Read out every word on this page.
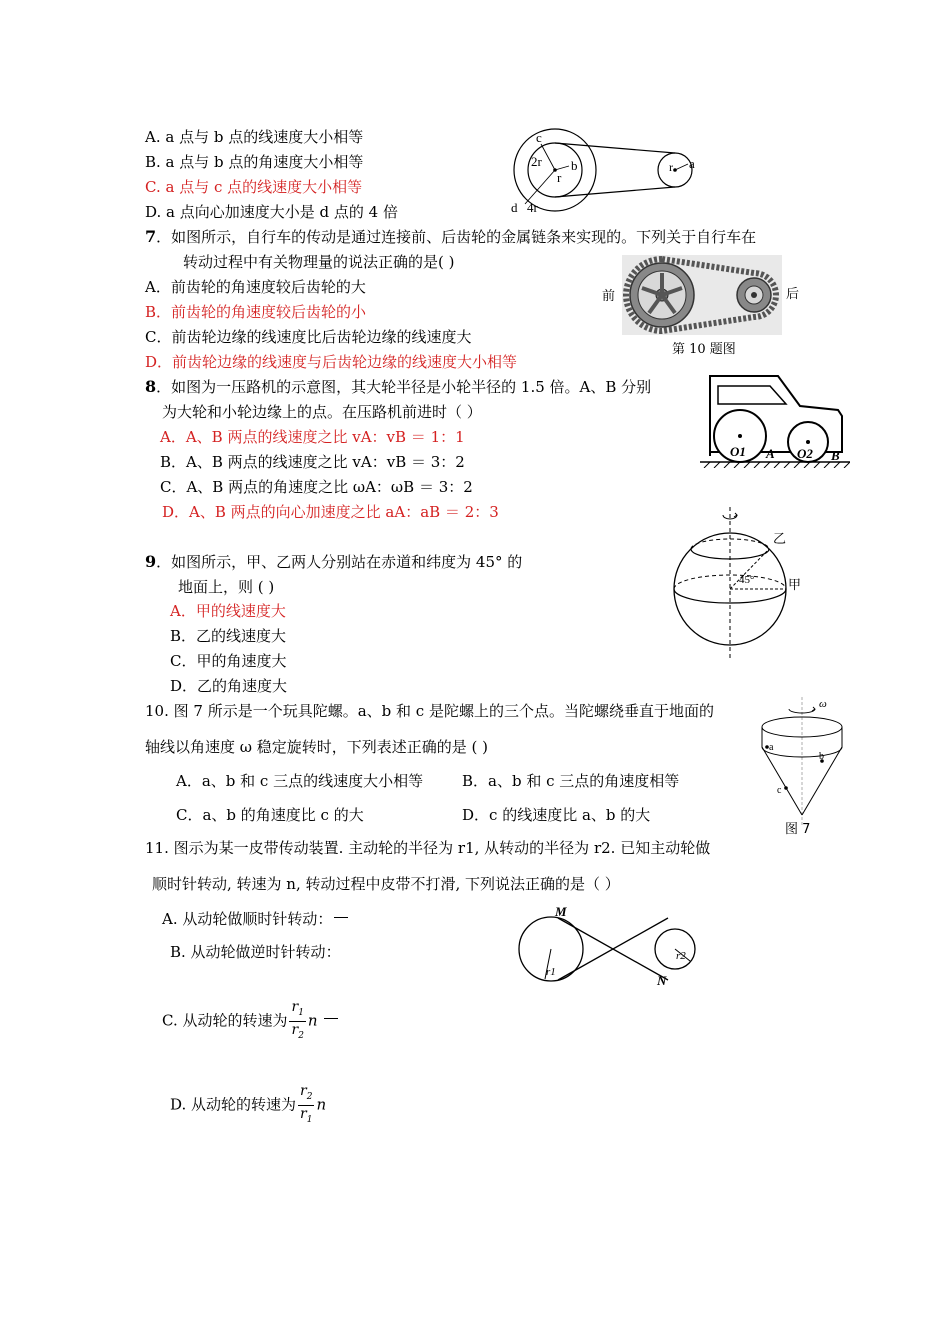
A. a 点与 b 点的线速度大小相等
B. a 点与 b 点的角速度大小相等
C. a 点与 c 点的线速度大小相等
D. a 点向心加速度大小是 d 点的 4 倍
c
2r b
r
d 4r
r a
7．如图所示，自行车的传动是通过连接前、后齿轮的金属链条来实现的。下列关于自行车在
转动过程中有关物理量的说法正确的是( )
A．前齿轮的角速度较后齿轮的大
B．前齿轮的角速度较后齿轮的小
C．前齿轮边缘的线速度比后齿轮边缘的线速度大
D．前齿轮边缘的线速度与后齿轮边缘的线速度大小相等
前	后
第 10 题图
8．如图为一压路机的示意图，其大轮半径是小轮半径的 1.5 倍。A、B 分别
为大轮和小轮边缘上的点。在压路机前进时（ ）
A．A、B 两点的线速度之比 vA：vB ＝ 1：1
B．A、B 两点的线速度之比 vA：vB ＝ 3：2
C．A、B 两点的角速度之比 ωA：ωB ＝ 3：2
D．A、B 两点的向心加速度之比 aA：aB ＝ 2：3
O1 A O2 B
9．如图所示，甲、乙两人分别站在赤道和纬度为 45° 的
地面上，则 ( )
A．甲的线速度大
B．乙的线速度大
C．甲的角速度大
D．乙的角速度大
乙
甲
45°
10. 图 7 所示是一个玩具陀螺。a、b 和 c 是陀螺上的三个点。当陀螺绕垂直于地面的
轴线以角速度 ω 稳定旋转时，下列表述正确的是 ( )
A．a、b 和 c 三点的线速度大小相等	B．a、b 和 c 三点的角速度相等
C．a、b 的角速度比 c 的大	D．c 的线速度比 a、b 的大
ω
a
b
c
图 7
11. 图示为某一皮带传动装置. 主动轮的半径为 r1, 从转动的半径为 r2. 已知主动轮做
顺时针转动, 转速为 n, 转动过程中皮带不打滑, 下列说法正确的是（ ）
A. 从动轮做顺时针转动：
B. 从动轮做逆时针转动：
C. 从动轮的转速为 $\frac{r_1}{r_2}$ n
D. 从动轮的转速为 $\frac{r_2}{r_1}$ n
M
N
r1
r2
